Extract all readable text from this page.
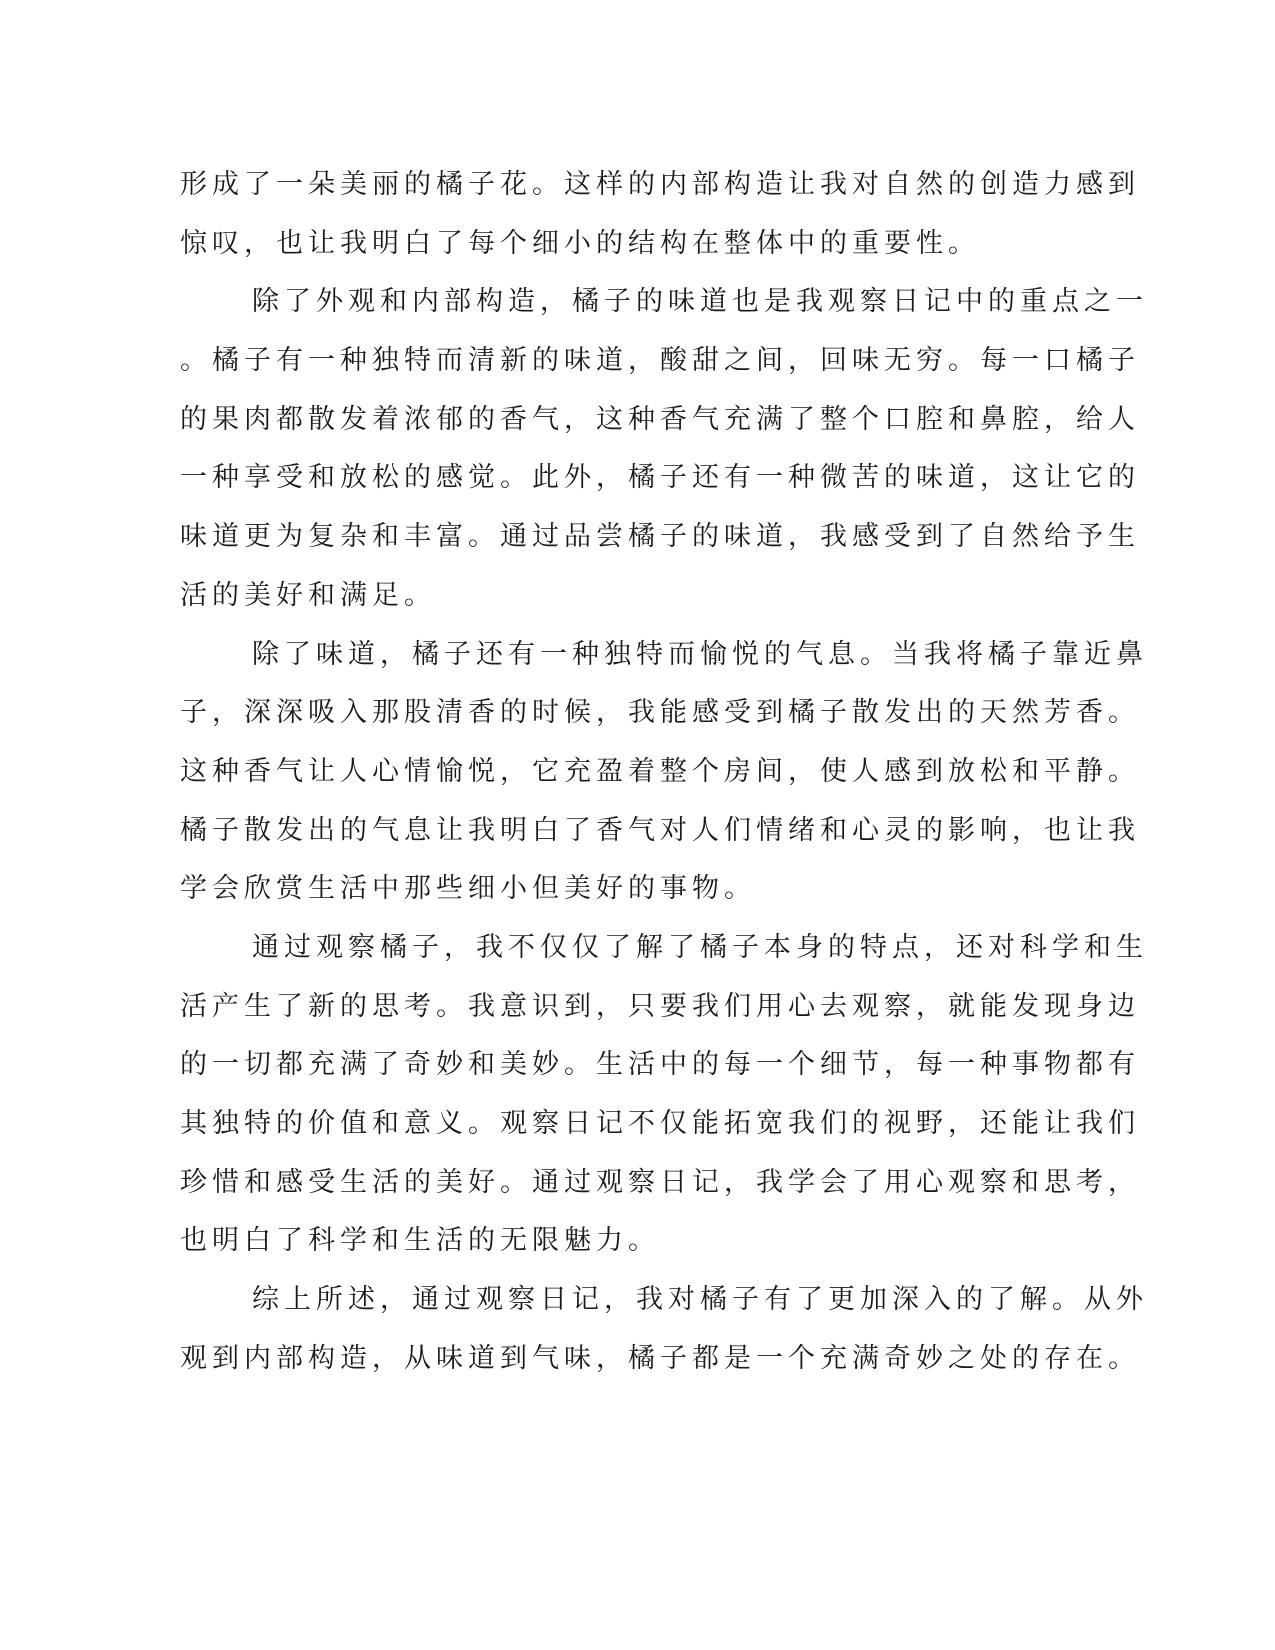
形成了一朵美丽的橘子花。这样的内部构造让我对自然的创造力感到
惊叹，也让我明白了每个细小的结构在整体中的重要性。
除了外观和内部构造，橘子的味道也是我观察日记中的重点之一
。橘子有一种独特而清新的味道，酸甜之间，回味无穷。每一口橘子
的果肉都散发着浓郁的香气，这种香气充满了整个口腔和鼻腔，给人
一种享受和放松的感觉。此外，橘子还有一种微苦的味道，这让它的
味道更为复杂和丰富。通过品尝橘子的味道，我感受到了自然给予生
活的美好和满足。
除了味道，橘子还有一种独特而愉悦的气息。当我将橘子靠近鼻
子，深深吸入那股清香的时候，我能感受到橘子散发出的天然芳香。
这种香气让人心情愉悦，它充盈着整个房间，使人感到放松和平静。
橘子散发出的气息让我明白了香气对人们情绪和心灵的影响，也让我
学会欣赏生活中那些细小但美好的事物。
通过观察橘子，我不仅仅了解了橘子本身的特点，还对科学和生
活产生了新的思考。我意识到，只要我们用心去观察，就能发现身边
的一切都充满了奇妙和美妙。生活中的每一个细节，每一种事物都有
其独特的价值和意义。观察日记不仅能拓宽我们的视野，还能让我们
珍惜和感受生活的美好。通过观察日记，我学会了用心观察和思考，
也明白了科学和生活的无限魅力。
综上所述，通过观察日记，我对橘子有了更加深入的了解。从外
观到内部构造，从味道到气味，橘子都是一个充满奇妙之处的存在。
